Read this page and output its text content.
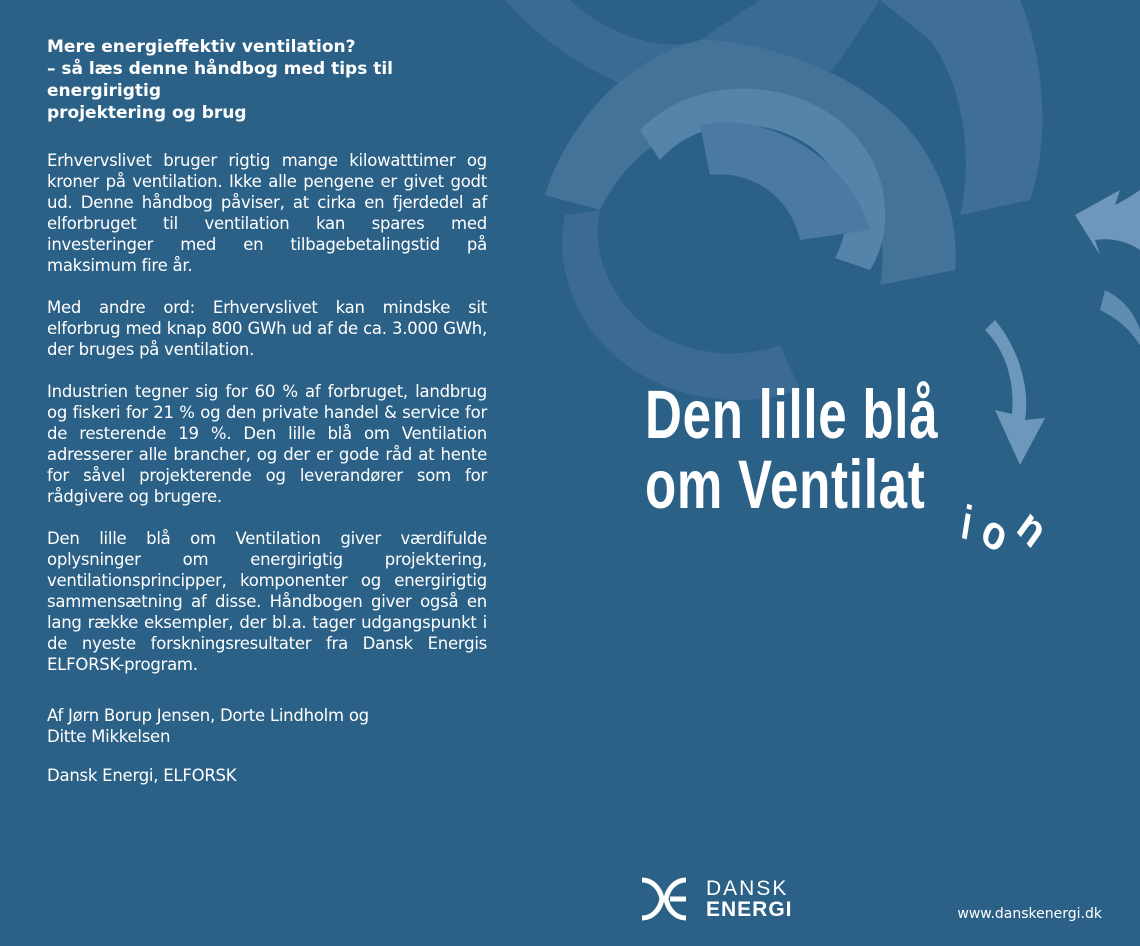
Mere energieffektiv ventilation?
– så læs denne håndbog med tips til energirigtig
projektering og brug

Erhvervslivet bruger rigtig mange kilowatttimer og kroner på ventilation. Ikke alle pengene er givet godt ud. Denne håndbog påviser, at cirka en fjerdedel af elforbruget til ventilation kan spares med investeringer med en tilbagebetalingstid på maksimum fire år.

Med andre ord: Erhvervslivet kan mindske sit elforbrug med knap 800 GWh ud af de ca. 3.000 GWh, der bruges på ventilation.

Industrien tegner sig for 60 % af forbruget, landbrug og fiskeri for 21 % og den private handel & service for de resterende 19 %. Den lille blå om Ventilation adresserer alle brancher, og der er gode råd at hente for såvel projekterende og leverandører som for rådgivere og brugere.

Den lille blå om Ventilation giver værdifulde oplysninger om energirigtig projektering, ventilationsprincipper, komponenter og energirigtig sammensætning af disse. Håndbogen giver også en lang række eksempler, der bl.a. tager udgangspunkt i de nyeste forskningsresultater fra Dansk Energis ELFORSK-program.

Af Jørn Borup Jensen, Dorte Lindholm og Ditte Mikkelsen
Dansk Energi, ELFORSK
Den lille blå
om Ventilat
i
o
n
DANSK
ENERGI	www.danskenergi.dk
